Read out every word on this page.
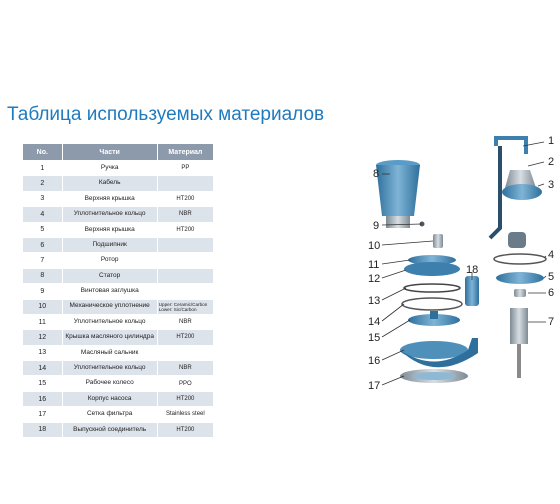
Таблица используемых материалов
No.	Части	Материал
1	Ручка	PP
2	Кабель	
3	Верхняя крышка	HT200
4	Уплотнительное кольцо	NBR
5	Верхняя крышка	HT200
6	Подшипник	
7	Ротор	
8	Статор	
9	Винтовая заглушка	
10	Механическое уплотнение	Upper: Ceramic/Carbon
Lower: Sic/Carbon
11	Уплотнительное кольцо	NBR
12	Крышка масляного цилиндра	HT200
13	Масляный сальник	
14	Уплотнительное кольцо	NBR
15	Рабочее колесо	PPO
16	Корпус насоса	HT200
17	Сетка фильтра	Stainless steel
18	Выпускной соединитель	HT200
1
2
3
4
5
6
7
8
9
10
11
12
13
14
15
16
17
18
